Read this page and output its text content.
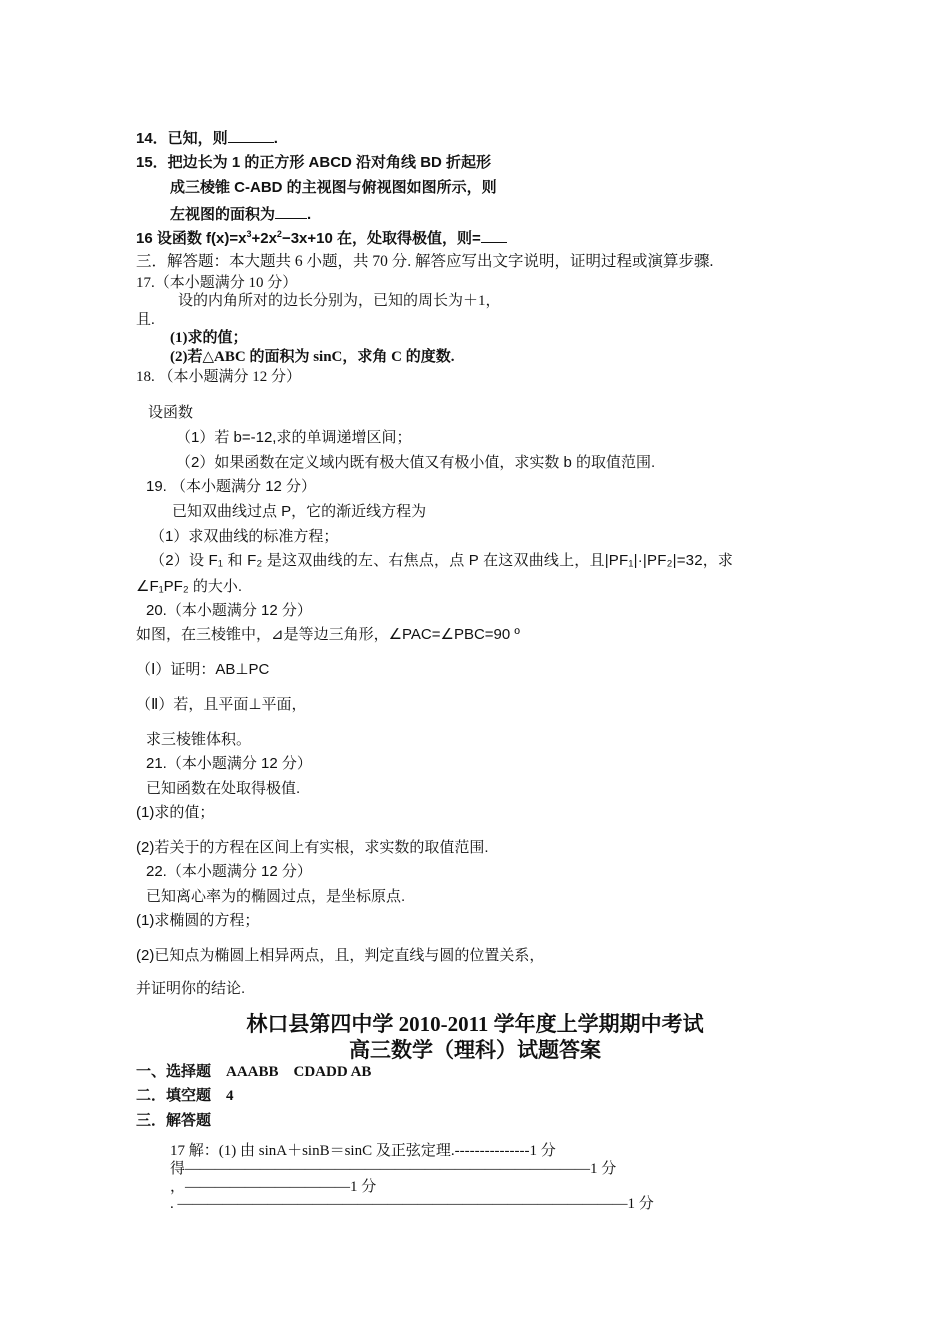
14．已知，则	.
15．把边长为 1 的正方形 ABCD 沿对角线 BD 折起形
成三棱锥 C-ABD 的主视图与俯视图如图所示，则
左视图的面积为 .
16 设函数 $f(x)=x^3+2x^2-3x+10$ 在，处取得极值，则=
三．解答题：本大题共 6 小题，共 70 分. 解答应写出文字说明，证明过程或演算步骤.
17.（本小题满分 10 分）
设的内角所对的边长分别为，已知的周长为＋1，
且.
(1)求的值；
(2)若△ABC 的面积为 sinC，求角 C 的度数.
18. （本小题满分 12 分）
设函数
（1）若 b=-12,求的单调递增区间；
（2）如果函数在定义域内既有极大值又有极小值，求实数 b 的取值范围.
19. （本小题满分 12 分）
已知双曲线过点 P，它的渐近线方程为
（1）求双曲线的标准方程；
（2）设 F₁ 和 F₂ 是这双曲线的左、右焦点，点 P 在这双曲线上，且|PF₁|·|PF₂|=32，求
∠F₁PF₂ 的大小.
20.（本小题满分 12 分）
如图，在三棱锥中，⊿是等边三角形，∠PAC=∠PBC=90 º
（Ⅰ）证明：AB⊥PC
（Ⅱ）若，且平面⊥平面，
求三棱锥体积。
21.（本小题满分 12 分）
已知函数在处取得极值.
(1)求的值；
(2)若关于的方程在区间上有实根，求实数的取值范围.
22.（本小题满分 12 分）
已知离心率为的椭圆过点，是坐标原点.
(1)求椭圆的方程；
(2)已知点为椭圆上相异两点，且，判定直线与圆的位置关系，
并证明你的结论.
林口县第四中学 2010-2011 学年度上学期期中考试
高三数学（理科）试题答案
一、选择题　AAABB　CDADD AB
二．填空题　4
三．解答题
17 解：(1) 由 sinA＋sinB＝sinC 及正弦定理.---------------1 分
得———————————————————————————1 分
，———————————1 分
. ——————————————————————————————1 分
